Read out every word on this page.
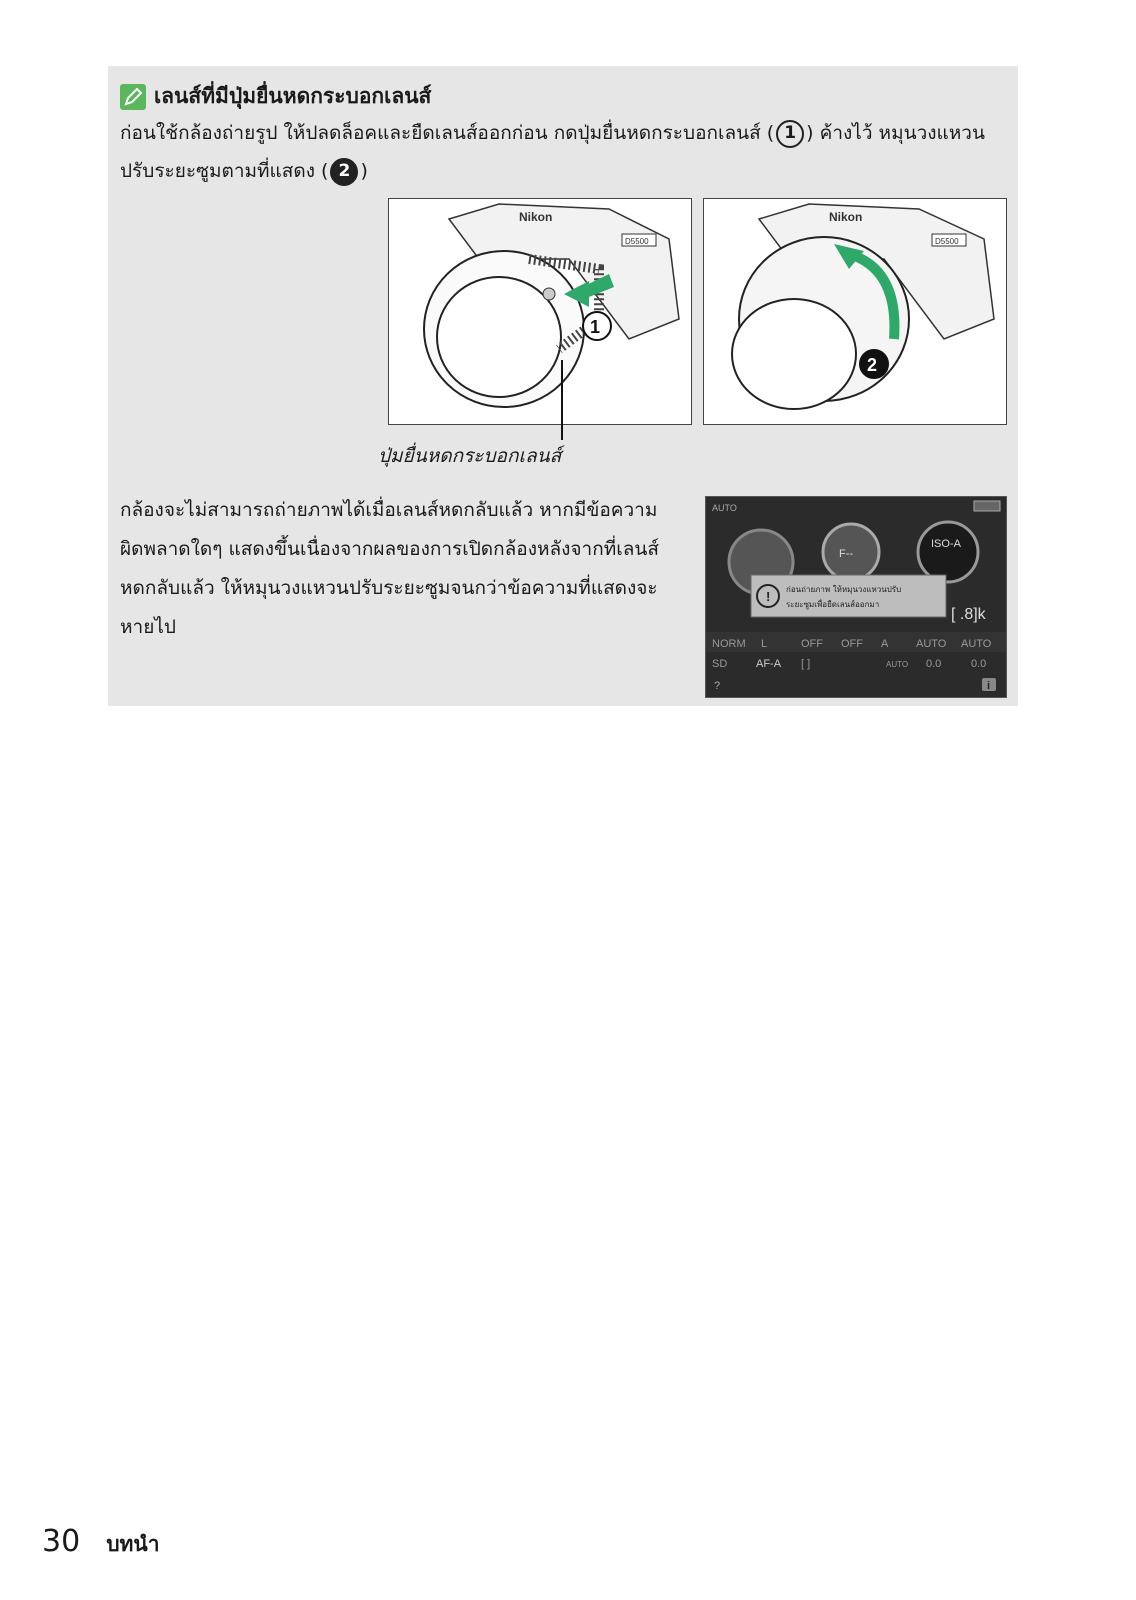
เลนส์ที่มีปุ่มยื่นหดกระบอกเลนส์
ก่อนใช้กล้องถ่ายรูป ให้ปลดล็อคและยืดเลนส์ออกก่อน กดปุ่มยื่นหดกระบอกเลนส์ ( 1 ) ค้างไว้ หมุนวงแหวนปรับระยะซูมตามที่แสดง ( 2 )
Nikon
D5500
1
Nikon
D5500
2
ปุ่มยื่นหดกระบอกเลนส์
กล้องจะไม่สามารถถ่ายภาพได้เมื่อเลนส์หดกลับแล้ว หากมีข้อความผิดพลาดใดๆ แสดงขึ้นเนื่องจากผลของการเปิดกล้องหลังจากที่เลนส์หดกลับแล้ว ให้หมุนวงแหวนปรับระยะซูมจนกว่าข้อความที่แสดงจะหายไป
AUTO
F--
ISO-A
! ก่อนถ่ายภาพ ให้หมุนวงแหวนปรับ
ระยะซูมเพื่อยืดเลนส์ออกมา
[ .8]k
NORM L	OFF OFF A	AUTO AUTO
SD	AF-A [ ]	AUTO 0.0	0.0
?	i
30 บทนำ
